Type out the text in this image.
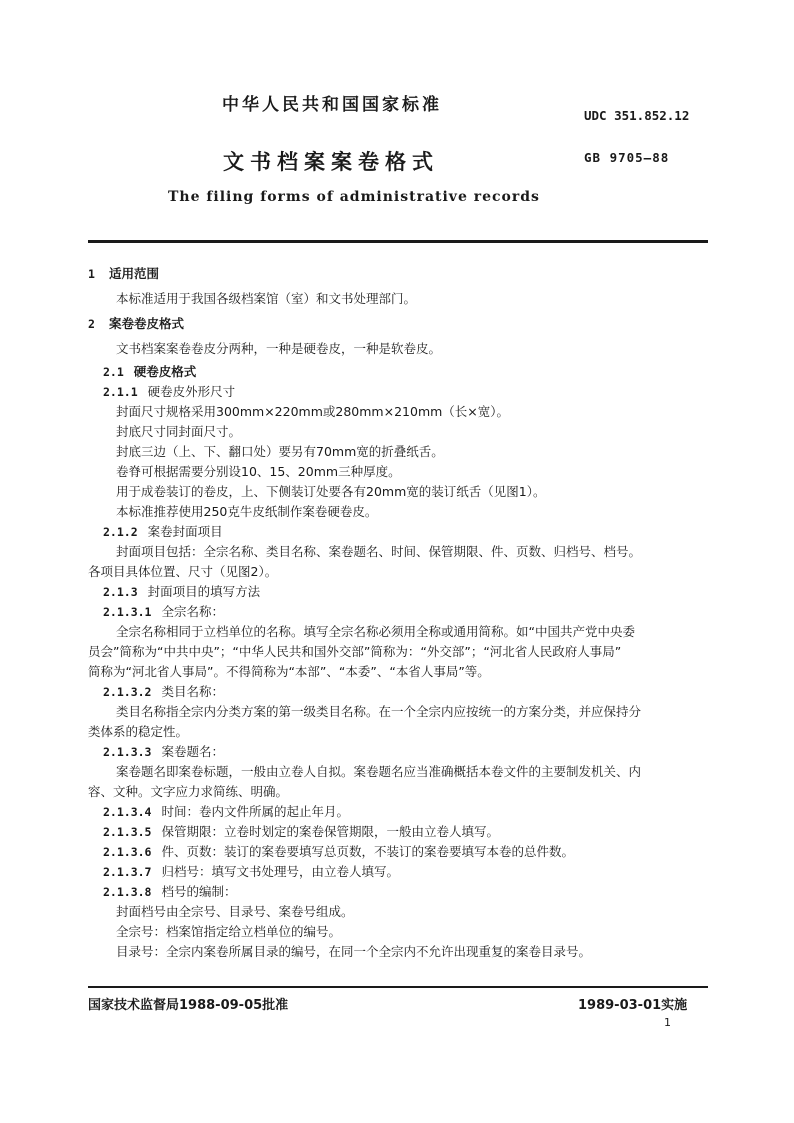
中华人民共和国国家标准
UDC 351.852.12
文书档案案卷格式	GB 9705—88
The filing forms of administrative records
1 适用范围
本标准适用于我国各级档案馆（室）和文书处理部门。
2 案卷卷皮格式
文书档案案卷卷皮分两种，一种是硬卷皮，一种是软卷皮。
2.1 硬卷皮格式
2.1.1 硬卷皮外形尺寸
封面尺寸规格采用300mm×220mm或280mm×210mm（长×宽）。
封底尺寸同封面尺寸。
封底三边（上、下、翻口处）要另有70mm宽的折叠纸舌。
卷脊可根据需要分别设10、15、20mm三种厚度。
用于成卷装订的卷皮，上、下侧装订处要各有20mm宽的装订纸舌（见图1）。
本标准推荐使用250克牛皮纸制作案卷硬卷皮。
2.1.2 案卷封面项目
封面项目包括：全宗名称、类目名称、案卷题名、时间、保管期限、件、页数、归档号、档号。
各项目具体位置、尺寸（见图2）。
2.1.3 封面项目的填写方法
2.1.3.1 全宗名称：
全宗名称相同于立档单位的名称。填写全宗名称必须用全称或通用简称。如“中国共产党中央委
员会”简称为“中共中央”；“中华人民共和国外交部”简称为：“外交部”；“河北省人民政府人事局”
简称为“河北省人事局”。不得简称为“本部”、“本委”、“本省人事局”等。
2.1.3.2 类目名称：
类目名称指全宗内分类方案的第一级类目名称。在一个全宗内应按统一的方案分类，并应保持分
类体系的稳定性。
2.1.3.3 案卷题名：
案卷题名即案卷标题，一般由立卷人自拟。案卷题名应当准确概括本卷文件的主要制发机关、内
容、文种。文字应力求简练、明确。
2.1.3.4 时间：卷内文件所属的起止年月。
2.1.3.5 保管期限：立卷时划定的案卷保管期限，一般由立卷人填写。
2.1.3.6 件、页数：装订的案卷要填写总页数，不装订的案卷要填写本卷的总件数。
2.1.3.7 归档号：填写文书处理号，由立卷人填写。
2.1.3.8 档号的编制：
封面档号由全宗号、目录号、案卷号组成。
全宗号：档案馆指定给立档单位的编号。
目录号：全宗内案卷所属目录的编号，在同一个全宗内不允许出现重复的案卷目录号。
国家技术监督局1988-09-05批准	1989-03-01实施
1
